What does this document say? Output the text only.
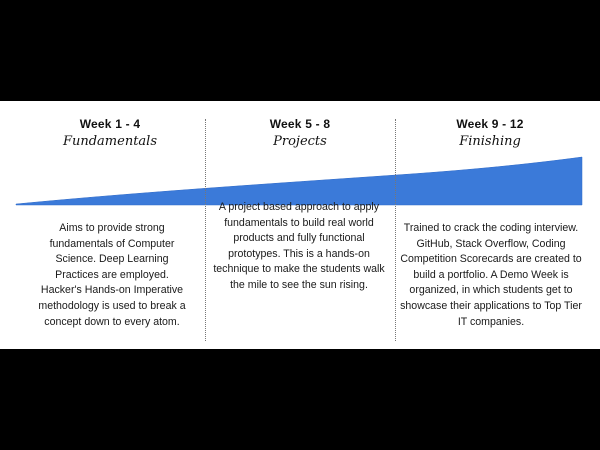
Week 1 - 4
Fundamentals
Aims to provide strong fundamentals of Computer Science. Deep Learning Practices are employed. Hacker's Hands-on Imperative methodology is used to break a concept down to every atom.
Week 5 - 8
Projects
A project based approach to apply fundamentals to build real world products and fully functional prototypes. This is a hands-on technique to make the students walk the mile to see the sun rising.
Week 9 - 12
Finishing
Trained to crack the coding interview. GitHub, Stack Overflow, Coding Competition Scorecards are created to build a portfolio. A Demo Week is organized, in which students get to showcase their applications to Top Tier IT companies.
